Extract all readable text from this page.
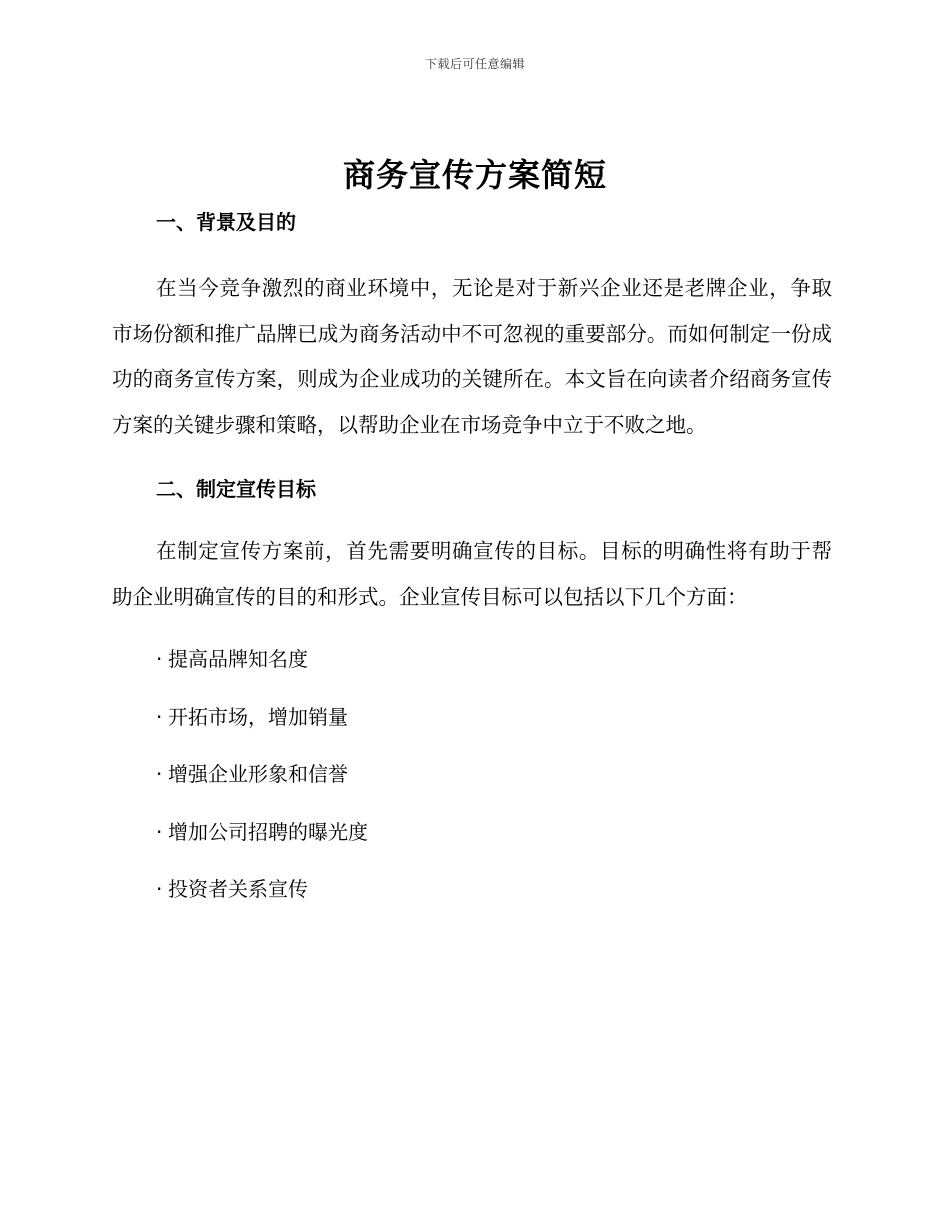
下载后可任意编辑
商务宣传方案简短
一、背景及目的

在当今竞争激烈的商业环境中，无论是对于新兴企业还是老牌企业，争取市场份额和推广品牌已成为商务活动中不可忽视的重要部分。而如何制定一份成功的商务宣传方案，则成为企业成功的关键所在。本文旨在向读者介绍商务宣传方案的关键步骤和策略，以帮助企业在市场竞争中立于不败之地。

二、制定宣传目标

在制定宣传方案前，首先需要明确宣传的目标。目标的明确性将有助于帮助企业明确宣传的目的和形式。企业宣传目标可以包括以下几个方面：

· 提高品牌知名度
· 开拓市场，增加销量
· 增强企业形象和信誉
· 增加公司招聘的曝光度
· 投资者关系宣传
